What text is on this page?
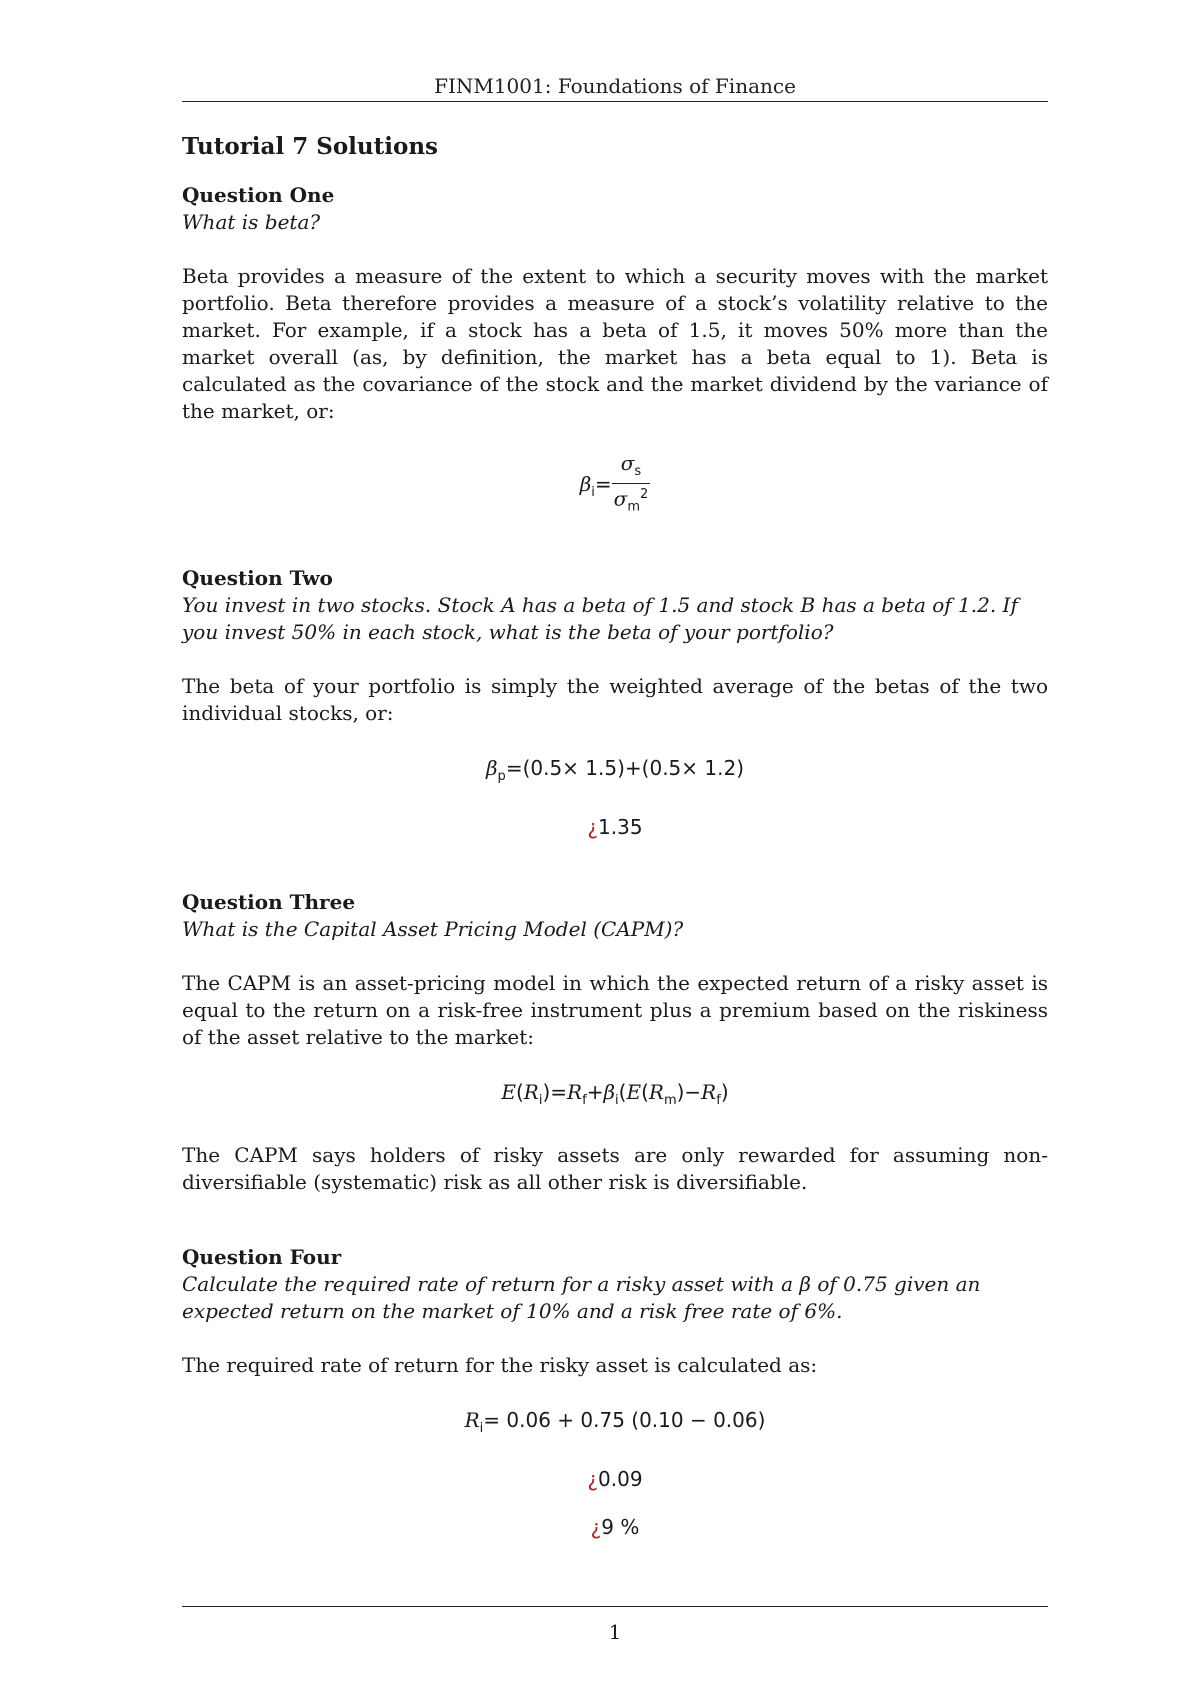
FINM1001: Foundations of Finance
Tutorial 7 Solutions
Question One

What is beta?

Beta provides a measure of the extent to which a security moves with the market portfolio. Beta therefore provides a measure of a stock’s volatility relative to the market. For example, if a stock has a beta of 1.5, it moves 50% more than the market overall (as, by definition, the market has a beta equal to 1). Beta is calculated as the covariance of the stock and the market dividend by the variance of the market, or:

$\beta_i= \frac{\sigma_s}{\sigma_m^2}$
Question Two

You invest in two stocks. Stock A has a beta of 1.5 and stock B has a beta of 1.2. If you invest 50% in each stock, what is the beta of your portfolio?

The beta of your portfolio is simply the weighted average of the betas of the two individual stocks, or:

$\beta_p=(0.5\times 1.5)+(0.5\times 1.2)$
¿1.35
Question Three

What is the Capital Asset Pricing Model (CAPM)?

The CAPM is an asset-pricing model in which the expected return of a risky asset is equal to the return on a risk-free instrument plus a premium based on the riskiness of the asset relative to the market:

$E(R_i)=R_f+\beta_i(E(R_m)-R_f)$

The CAPM says holders of risky assets are only rewarded for assuming non-diversifiable (systematic) risk as all other risk is diversifiable.

Question Four

Calculate the required rate of return for a risky asset with a β of 0.75 given an expected return on the market of 10% and a risk free rate of 6%.

The required rate of return for the risky asset is calculated as:

$R_i= 0.06 + 0.75$ (0.10 − 0.06)
¿0.09
¿9 %
1
